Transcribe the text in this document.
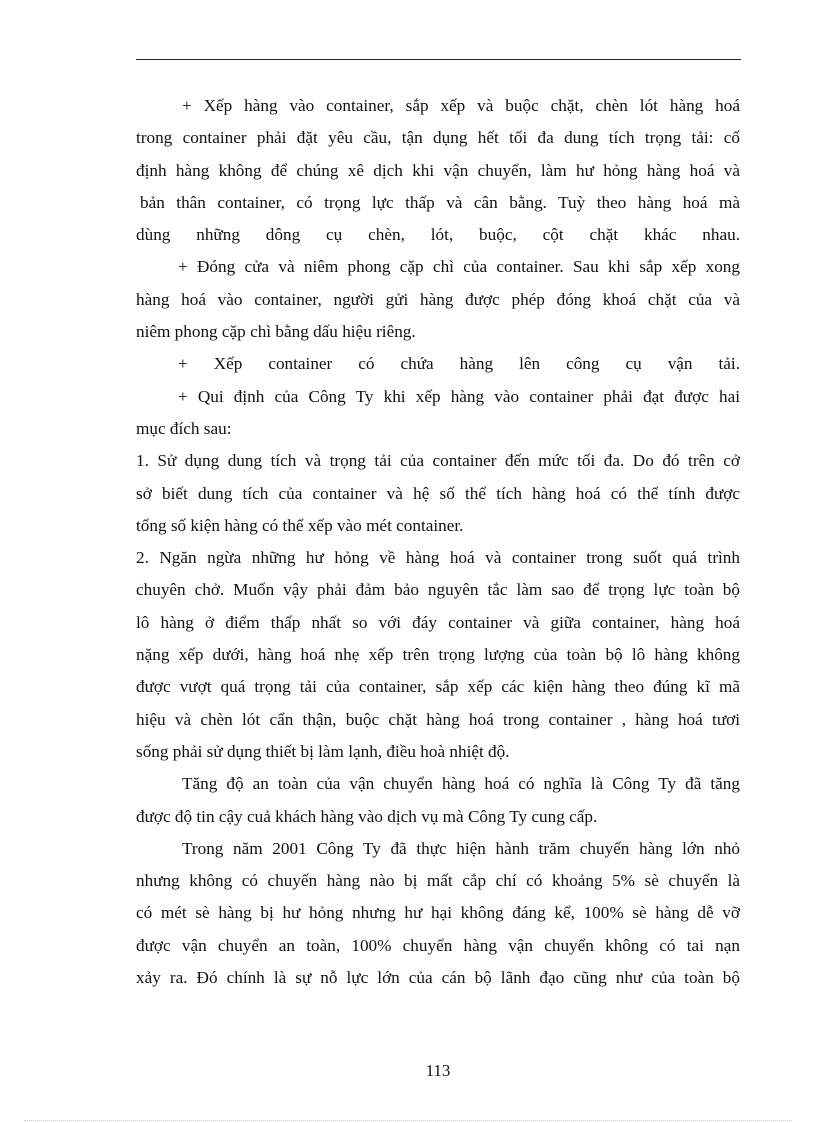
+ Xếp hàng vào container, sắp xếp và buộc chặt, chèn lót hàng hoá
trong container phải đặt yêu cầu, tận dụng hết tối đa dung tích trọng tải: cố
định hàng không để chúng xê dịch khi vận chuyển, làm hư hỏng hàng hoá và
bản thân container, có trọng lực thấp và cân bằng. Tuỳ theo hàng hoá mà
dùng những dông cụ chèn, lót, buộc, cột chặt khác nhau.
+ Đóng cửa và niêm phong cặp chì của container. Sau khi sắp xếp xong
hàng hoá vào container, người gửi hàng được phép đóng khoá chặt của và
niêm phong cặp chì bằng dấu hiệu riêng.
+ Xếp container có chứa hàng lên công cụ vận tải.
+ Qui định của Công Ty khi xếp hàng vào container phải đạt được hai
mục đích sau:
1. Sử dụng dung tích và trọng tải của container đến mức tối đa. Do đó trên cở
sở biết dung tích của container và hệ số thể tích hàng hoá có thể tính được
tổng số kiện hàng có thể xếp vào mét container.
2. Ngăn ngừa những hư hỏng về hàng hoá và container trong suốt quá trình
chuyên chở. Muốn vậy phải đảm bảo nguyên tắc làm sao để trọng lực toàn bộ
lô hàng ở điểm thấp nhất so với đáy container và giữa container, hàng hoá
nặng xếp dưới, hàng hoá nhẹ xếp trên trọng lượng của toàn bộ lô hàng không
được vượt quá trọng tải của container, sắp xếp các kiện hàng theo đúng kĩ mã
hiệu và chèn lót cẩn thận, buộc chặt hàng hoá trong container , hàng hoá tươi
sống phải sử dụng thiết bị làm lạnh, điều hoà nhiệt độ.
Tăng độ an toàn của vận chuyển hàng hoá có nghĩa là Công Ty đã tăng
được độ tin cậy cuả khách hàng vào dịch vụ mà Công Ty cung cấp.
Trong năm 2001 Công Ty đã thực hiện hành trăm chuyến hàng lớn nhỏ
nhưng không có chuyến hàng nào bị mất cắp chí có khoảng 5% sè chuyến là
có mét sè hàng bị hư hỏng nhưng hư hại không đáng kể, 100% sè hàng dễ vỡ
được vận chuyển an toàn, 100% chuyển hàng vận chuyển không có tai nạn
xảy ra. Đó chính là sự nỗ lực lớn của cán bộ lãnh đạo cũng như của toàn bộ
113
